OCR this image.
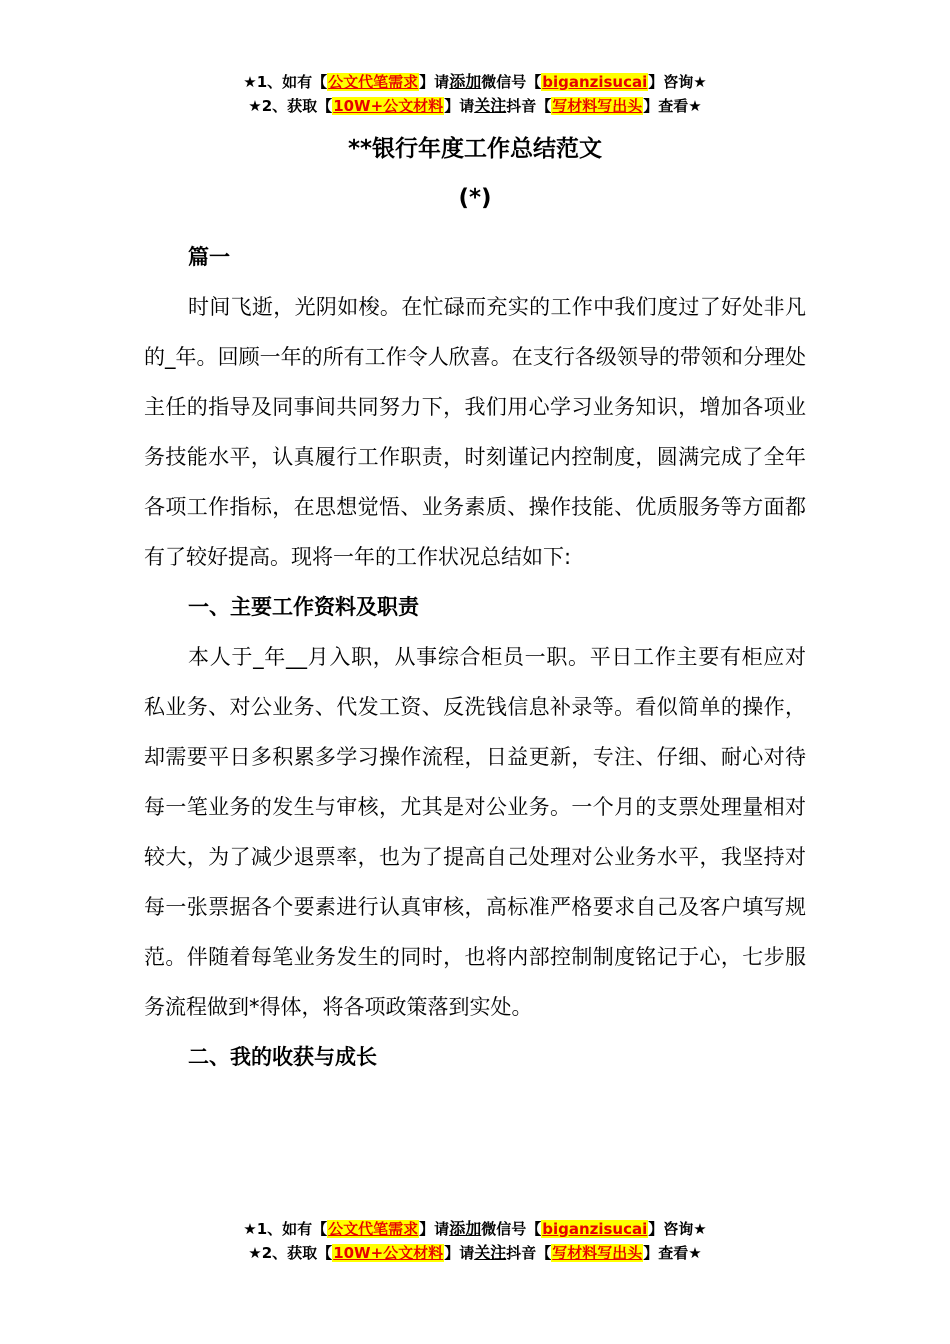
★1、如有【公文代笔需求】请添加微信号【biganzisucai】咨询★
★2、获取【10W+公文材料】请关注抖音【写材料写出头】查看★
**银行年度工作总结范文
(*)

篇一

时间飞逝，光阴如梭。在忙碌而充实的工作中我们度过了好处非凡的_年。回顾一年的所有工作令人欣喜。在支行各级领导的带领和分理处主任的指导及同事间共同努力下，我们用心学习业务知识，增加各项业务技能水平，认真履行工作职责，时刻谨记内控制度，圆满完成了全年各项工作指标，在思想觉悟、业务素质、操作技能、优质服务等方面都有了较好提高。现将一年的工作状况总结如下:

一、主要工作资料及职责

本人于_年__月入职，从事综合柜员一职。平日工作主要有柜应对私业务、对公业务、代发工资、反洗钱信息补录等。看似简单的操作，却需要平日多积累多学习操作流程，日益更新，专注、仔细、耐心对待每一笔业务的发生与审核，尤其是对公业务。一个月的支票处理量相对较大，为了减少退票率，也为了提高自己处理对公业务水平，我坚持对每一张票据各个要素进行认真审核，高标准严格要求自己及客户填写规范。伴随着每笔业务发生的同时，也将内部控制制度铭记于心，七步服务流程做到*得体，将各项政策落到实处。

二、我的收获与成长

★1、如有【公文代笔需求】请添加微信号【biganzisucai】咨询★
★2、获取【10W+公文材料】请关注抖音【写材料写出头】查看★
